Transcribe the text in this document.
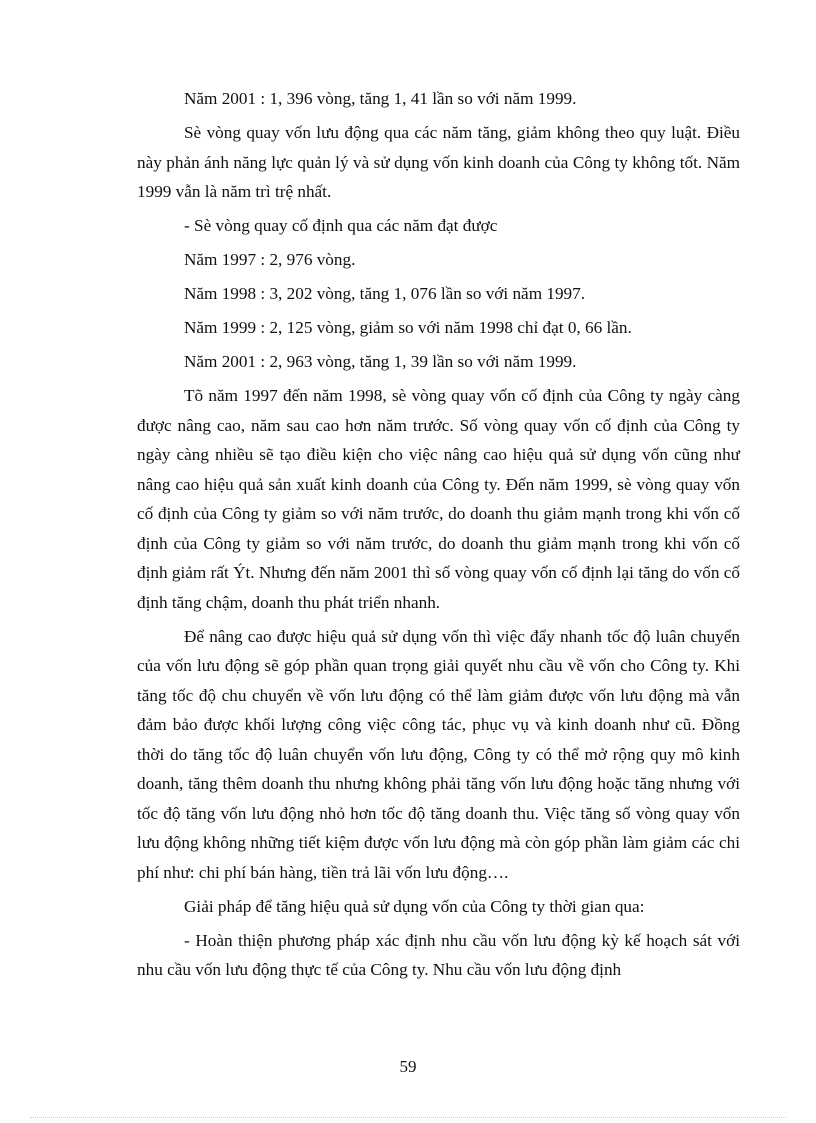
Năm 2001 : 1, 396 vòng, tăng 1, 41 lần so với năm 1999.

Sè vòng quay vốn lưu động qua các năm tăng, giảm không theo quy luật. Điều này phản ánh năng lực quản lý và sử dụng vốn kinh doanh của Công ty không tốt. Năm 1999 vẫn là năm trì trệ nhất.

- Sè vòng quay cố định qua các năm đạt được

Năm 1997 : 2, 976 vòng.

Năm 1998 : 3, 202 vòng, tăng 1, 076 lần so với năm 1997.

Năm 1999 : 2, 125 vòng, giảm so với năm 1998 chỉ đạt 0, 66 lần.

Năm 2001 : 2, 963 vòng, tăng 1, 39 lần so với năm 1999.

Tõ năm 1997 đến năm 1998, sè vòng quay vốn cố định của Công ty ngày càng được nâng cao, năm sau cao hơn năm trước. Số vòng quay vốn cố định của Công ty ngày càng nhiều sẽ tạo điều kiện cho việc nâng cao hiệu quả sử dụng vốn cũng như nâng cao hiệu quả sản xuất kinh doanh của Công ty. Đến năm 1999, sè vòng quay vốn cố định của Công ty giảm so với năm trước, do doanh thu giảm mạnh trong khi vốn cố định của Công ty giảm so với năm trước, do doanh thu giảm mạnh trong khi vốn cố định giảm rất Ýt. Nhưng đến năm 2001 thì số vòng quay vốn cố định lại tăng do vốn cố định tăng chậm, doanh thu phát triển nhanh.

Để nâng cao được hiệu quả sử dụng vốn thì việc đẩy nhanh tốc độ luân chuyển của vốn lưu động sẽ góp phần quan trọng giải quyết nhu cầu về vốn cho Công ty. Khi tăng tốc độ chu chuyển về vốn lưu động có thể làm giảm được vốn lưu động mà vẫn đảm bảo được khối lượng công việc công tác, phục vụ và kinh doanh như cũ. Đồng thời do tăng tốc độ luân chuyển vốn lưu động, Công ty có thể mở rộng quy mô kinh doanh, tăng thêm doanh thu nhưng không phải tăng vốn lưu động hoặc tăng nhưng với tốc độ tăng vốn lưu động nhỏ hơn tốc độ tăng doanh thu. Việc tăng số vòng quay vốn lưu động không những tiết kiệm được vốn lưu động mà còn góp phần làm giảm các chi phí như: chi phí bán hàng, tiền trả lãi vốn lưu động….

Giải pháp để tăng hiệu quả sử dụng vốn của Công ty thời gian qua:

- Hoàn thiện phương pháp xác định nhu cầu vốn lưu động kỳ kế hoạch sát với nhu cầu vốn lưu động thực tế của Công ty. Nhu cầu vốn lưu động định

59
